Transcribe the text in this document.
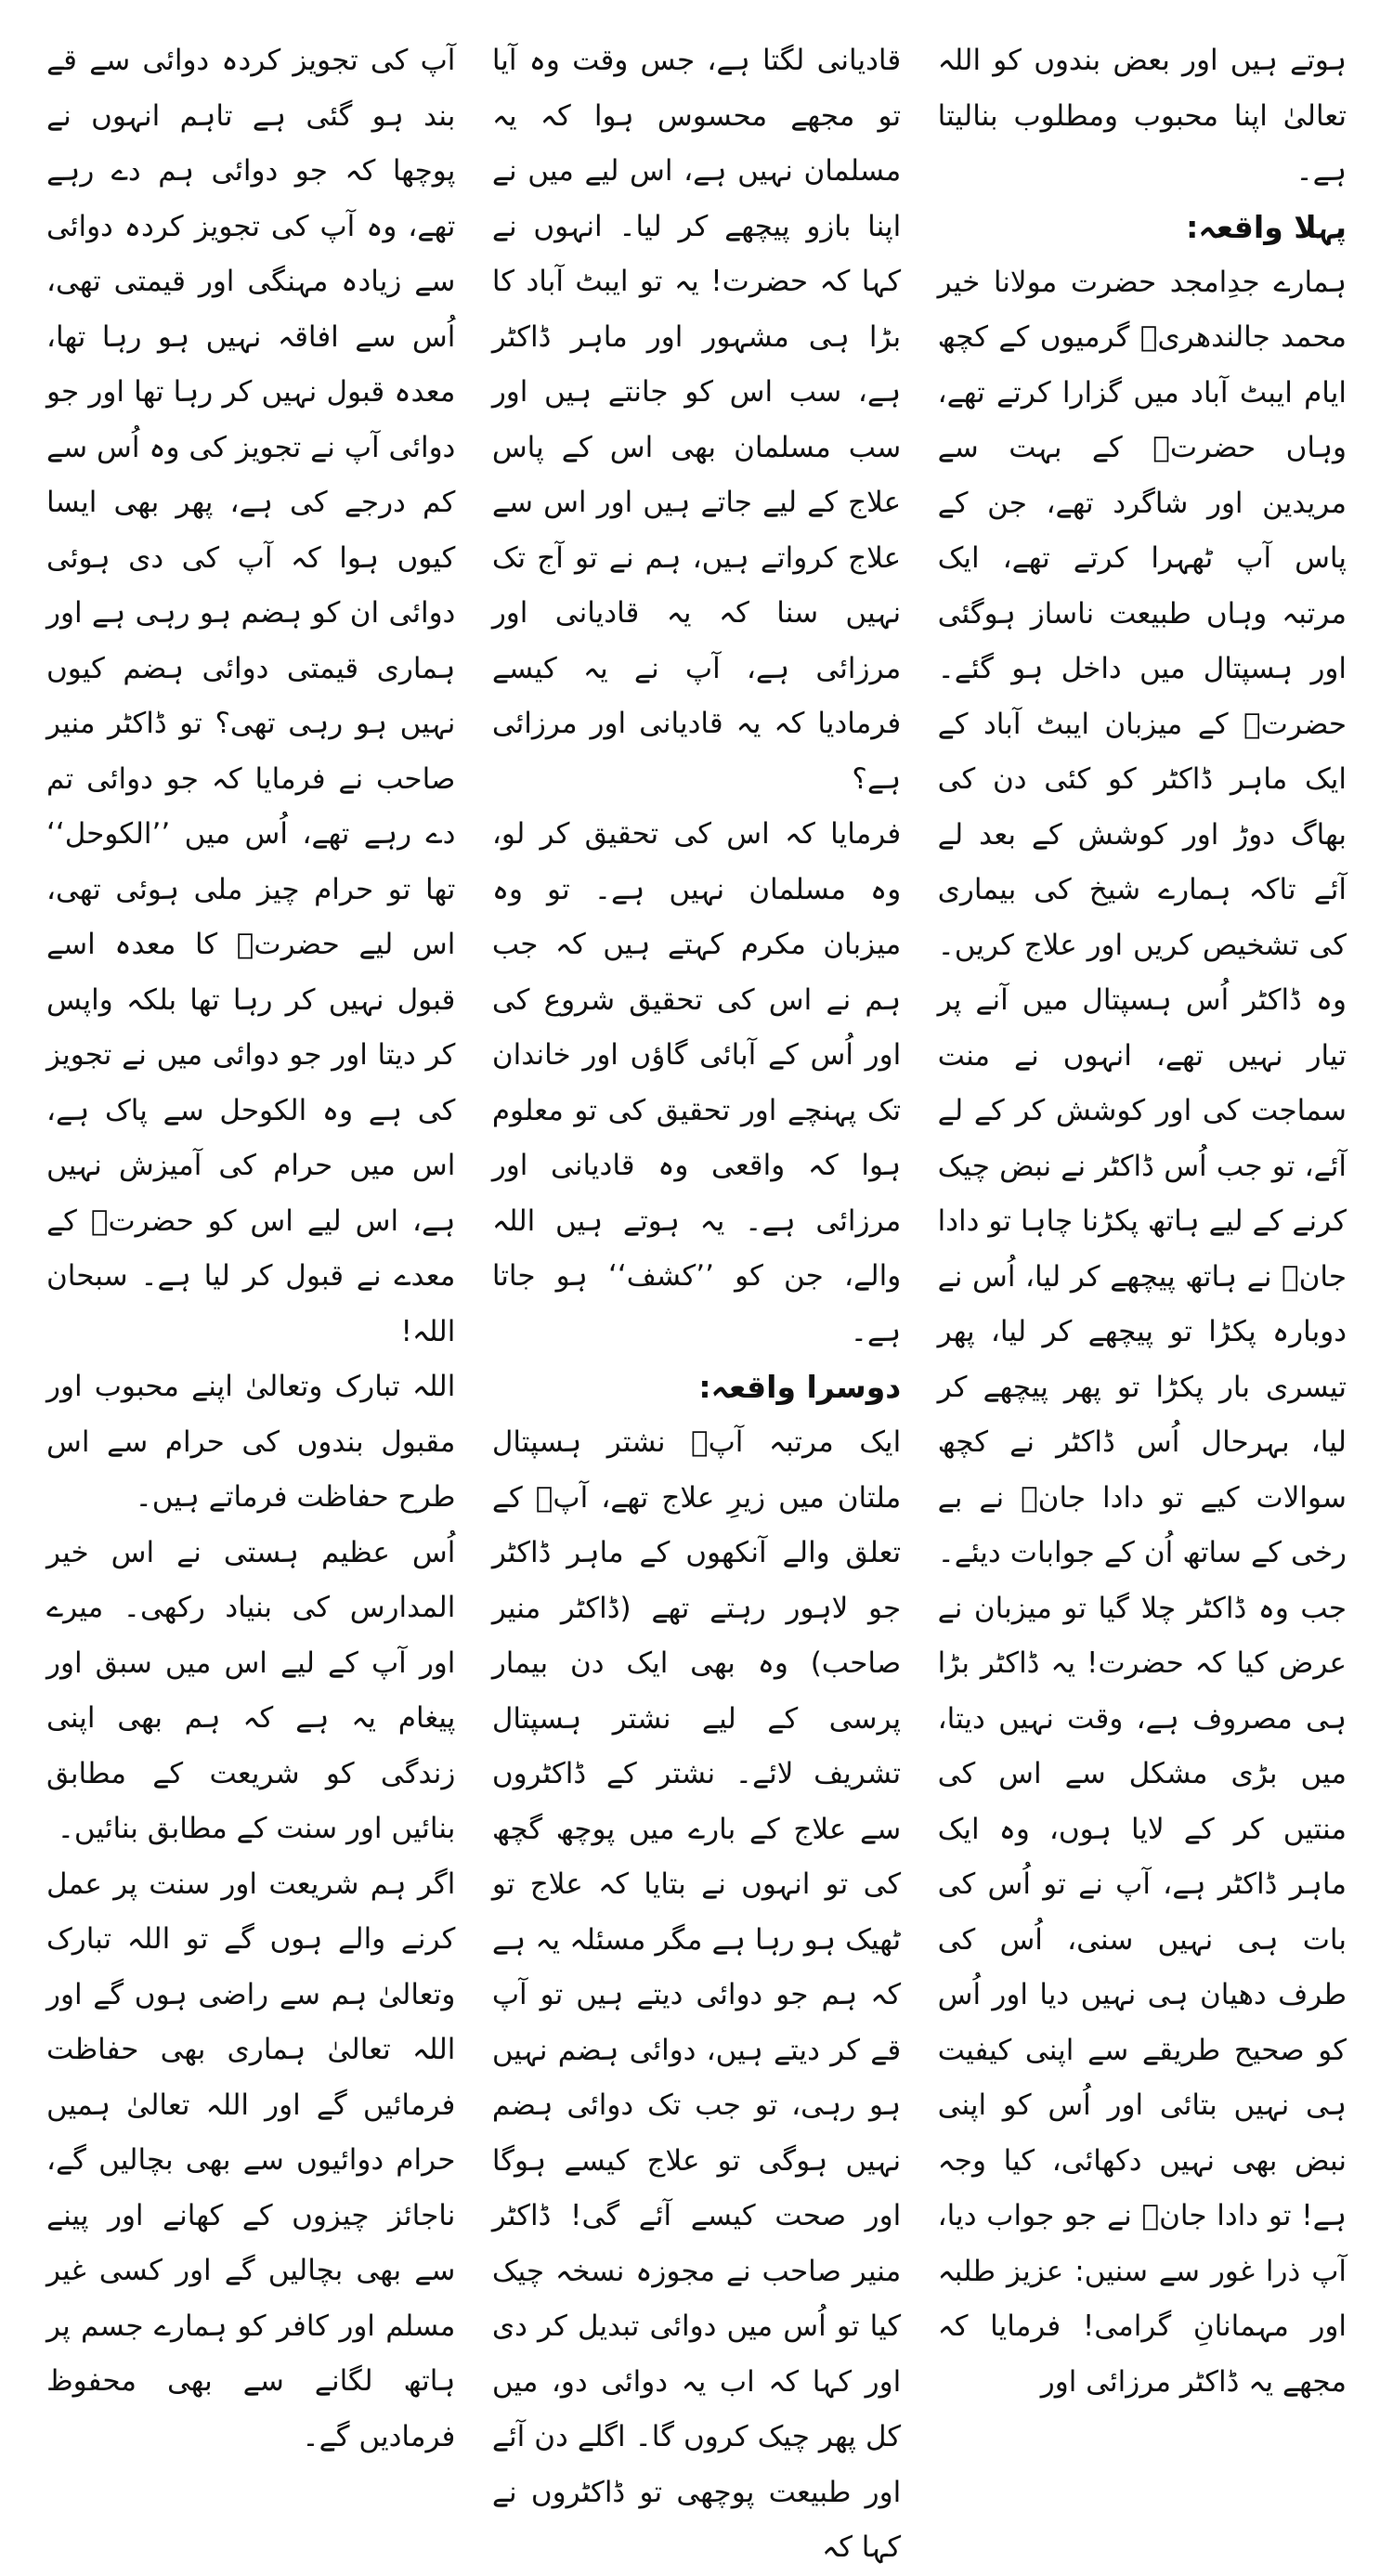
ہوتے ہیں اور بعض بندوں کو اللہ تعالیٰ اپنا محبوب ومطلوب بنالیتا ہے۔

پہلا واقعہ:

ہمارے جدِامجد حضرت مولانا خیر محمد جالندھریؒ گرمیوں کے کچھ ایام ایبٹ آباد میں گزارا کرتے تھے، وہاں حضرتؒ کے بہت سے مریدین اور شاگرد تھے، جن کے پاس آپ ٹھہرا کرتے تھے، ایک مرتبہ وہاں طبیعت ناساز ہوگئی اور ہسپتال میں داخل ہو گئے۔ حضرتؒ کے میزبان ایبٹ آباد کے ایک ماہر ڈاکٹر کو کئی دن کی بھاگ دوڑ اور کوشش کے بعد لے آئے تاکہ ہمارے شیخ کی بیماری کی تشخیص کریں اور علاج کریں۔ وہ ڈاکٹر اُس ہسپتال میں آنے پر تیار نہیں تھے، انہوں نے منت سماجت کی اور کوشش کر کے لے آئے، تو جب اُس ڈاکٹر نے نبض چیک کرنے کے لیے ہاتھ پکڑنا چاہا تو دادا جانؒ نے ہاتھ پیچھے کر لیا، اُس نے دوبارہ پکڑا تو پیچھے کر لیا، پھر تیسری بار پکڑا تو پھر پیچھے کر لیا، بہرحال اُس ڈاکٹر نے کچھ سوالات کیے تو دادا جانؒ نے بے رخی کے ساتھ اُن کے جوابات دیئے۔ جب وہ ڈاکٹر چلا گیا تو میزبان نے عرض کیا کہ حضرت! یہ ڈاکٹر بڑا ہی مصروف ہے، وقت نہیں دیتا، میں بڑی مشکل سے اس کی منتیں کر کے لایا ہوں، وہ ایک ماہر ڈاکٹر ہے، آپ نے تو اُس کی بات ہی نہیں سنی، اُس کی طرف دھیان ہی نہیں دیا اور اُس کو صحیح طریقے سے اپنی کیفیت ہی نہیں بتائی اور اُس کو اپنی نبض بھی نہیں دکھائی، کیا وجہ ہے! تو دادا جانؒ نے جو جواب دیا، آپ ذرا غور سے سنیں: عزیز طلبہ اور مہمانانِ گرامی! فرمایا کہ مجھے یہ ڈاکٹر مرزائی اور

قادیانی لگتا ہے، جس وقت وہ آیا تو مجھے محسوس ہوا کہ یہ مسلمان نہیں ہے، اس لیے میں نے اپنا بازو پیچھے کر لیا۔ انہوں نے کہا کہ حضرت! یہ تو ایبٹ آباد کا بڑا ہی مشہور اور ماہر ڈاکٹر ہے، سب اس کو جانتے ہیں اور سب مسلمان بھی اس کے پاس علاج کے لیے جاتے ہیں اور اس سے علاج کرواتے ہیں، ہم نے تو آج تک نہیں سنا کہ یہ قادیانی اور مرزائی ہے، آپ نے یہ کیسے فرمادیا کہ یہ قادیانی اور مرزائی ہے؟

فرمایا کہ اس کی تحقیق کر لو، وہ مسلمان نہیں ہے۔ تو وہ میزبان مکرم کہتے ہیں کہ جب ہم نے اس کی تحقیق شروع کی اور اُس کے آبائی گاؤں اور خاندان تک پہنچے اور تحقیق کی تو معلوم ہوا کہ واقعی وہ قادیانی اور مرزائی ہے۔ یہ ہوتے ہیں اللہ والے، جن کو ’’کشف‘‘ ہو جاتا ہے۔

دوسرا واقعہ:

ایک مرتبہ آپؒ نشتر ہسپتال ملتان میں زیرِ علاج تھے، آپؒ کے تعلق والے آنکھوں کے ماہر ڈاکٹر جو لاہور رہتے تھے (ڈاکٹر منیر صاحب) وہ بھی ایک دن بیمار پرسی کے لیے نشتر ہسپتال تشریف لائے۔ نشتر کے ڈاکٹروں سے علاج کے بارے میں پوچھ گچھ کی تو انہوں نے بتایا کہ علاج تو ٹھیک ہو رہا ہے مگر مسئلہ یہ ہے کہ ہم جو دوائی دیتے ہیں تو آپ قے کر دیتے ہیں، دوائی ہضم نہیں ہو رہی، تو جب تک دوائی ہضم نہیں ہوگی تو علاج کیسے ہوگا اور صحت کیسے آئے گی! ڈاکٹر منیر صاحب نے مجوزہ نسخہ چیک کیا تو اُس میں دوائی تبدیل کر دی اور کہا کہ اب یہ دوائی دو، میں کل پھر چیک کروں گا۔ اگلے دن آئے اور طبیعت پوچھی تو ڈاکٹروں نے کہا کہ

آپ کی تجویز کردہ دوائی سے قے بند ہو گئی ہے تاہم انہوں نے پوچھا کہ جو دوائی ہم دے رہے تھے، وہ آپ کی تجویز کردہ دوائی سے زیادہ مہنگی اور قیمتی تھی، اُس سے افاقہ نہیں ہو رہا تھا، معدہ قبول نہیں کر رہا تھا اور جو دوائی آپ نے تجویز کی وہ اُس سے کم درجے کی ہے، پھر بھی ایسا کیوں ہوا کہ آپ کی دی ہوئی دوائی ان کو ہضم ہو رہی ہے اور ہماری قیمتی دوائی ہضم کیوں نہیں ہو رہی تھی؟ تو ڈاکٹر منیر صاحب نے فرمایا کہ جو دوائی تم دے رہے تھے، اُس میں ’’الکوحل‘‘ تھا تو حرام چیز ملی ہوئی تھی، اس لیے حضرتؒ کا معدہ اسے قبول نہیں کر رہا تھا بلکہ واپس کر دیتا اور جو دوائی میں نے تجویز کی ہے وہ الکوحل سے پاک ہے، اس میں حرام کی آمیزش نہیں ہے، اس لیے اس کو حضرتؒ کے معدے نے قبول کر لیا ہے۔ سبحان اللہ!

اللہ تبارک وتعالیٰ اپنے محبوب اور مقبول بندوں کی حرام سے اس طرح حفاظت فرماتے ہیں۔

اُس عظیم ہستی نے اس خیر المدارس کی بنیاد رکھی۔ میرے اور آپ کے لیے اس میں سبق اور پیغام یہ ہے کہ ہم بھی اپنی زندگی کو شریعت کے مطابق بنائیں اور سنت کے مطابق بنائیں۔

اگر ہم شریعت اور سنت پر عمل کرنے والے ہوں گے تو اللہ تبارک وتعالیٰ ہم سے راضی ہوں گے اور اللہ تعالیٰ ہماری بھی حفاظت فرمائیں گے اور اللہ تعالیٰ ہمیں حرام دوائیوں سے بھی بچالیں گے، ناجائز چیزوں کے کھانے اور پینے سے بھی بچالیں گے اور کسی غیر مسلم اور کافر کو ہمارے جسم پر ہاتھ لگانے سے بھی محفوظ فرمادیں گے۔
